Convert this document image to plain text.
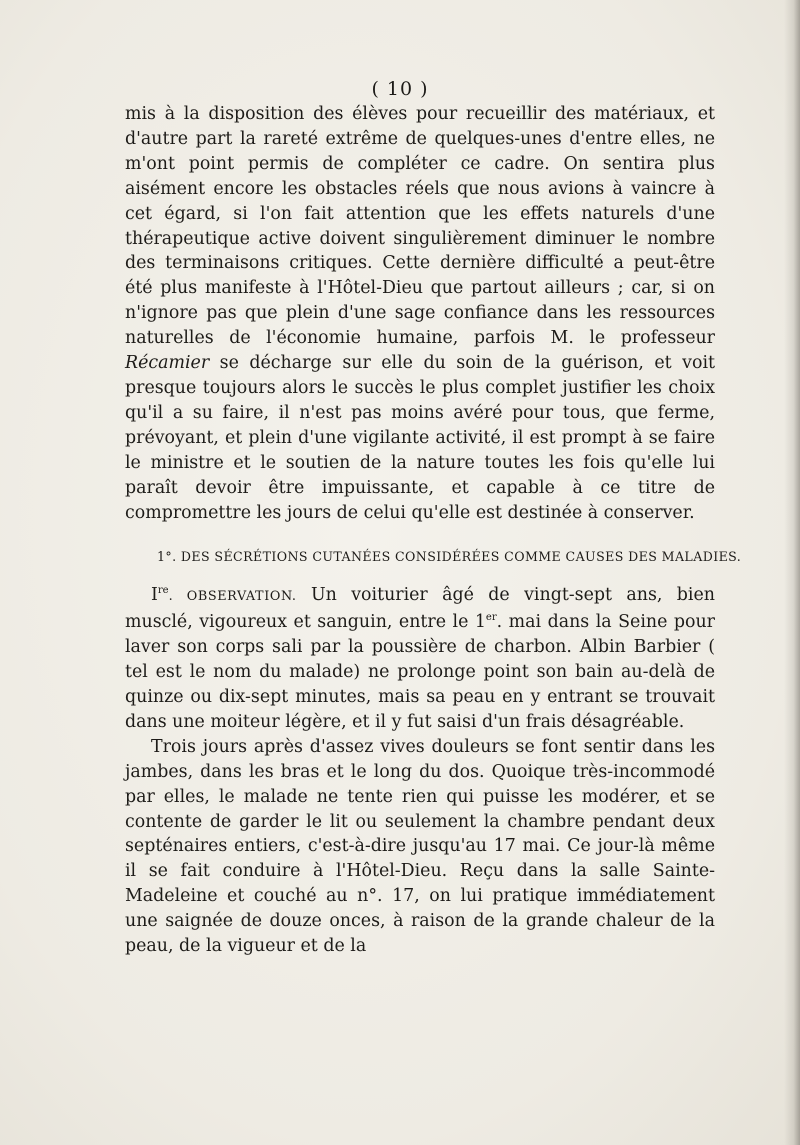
( 10 )

mis à la disposition des élèves pour recueillir des matériaux, et d'autre part la rareté extrême de quelques-unes d'entre elles, ne m'ont point permis de compléter ce cadre. On sentira plus aisément encore les obstacles réels que nous avions à vaincre à cet égard, si l'on fait attention que les effets naturels d'une thérapeutique active doivent singulièrement diminuer le nombre des terminaisons critiques. Cette dernière difficulté a peut-être été plus manifeste à l'Hôtel-Dieu que partout ailleurs ; car, si on n'ignore pas que plein d'une sage confiance dans les ressources naturelles de l'économie humaine, parfois M. le professeur Récamier se décharge sur elle du soin de la guérison, et voit presque toujours alors le succès le plus complet justifier les choix qu'il a su faire, il n'est pas moins avéré pour tous, que ferme, prévoyant, et plein d'une vigilante activité, il est prompt à se faire le ministre et le soutien de la nature toutes les fois qu'elle lui paraît devoir être impuissante, et capable à ce titre de compromettre les jours de celui qu'elle est destinée à conserver.

1°. DES SÉCRÉTIONS CUTANÉES CONSIDÉRÉES COMME CAUSES DES MALADIES.

Ire. OBSERVATION. Un voiturier âgé de vingt-sept ans, bien musclé, vigoureux et sanguin, entre le 1er. mai dans la Seine pour laver son corps sali par la poussière de charbon. Albin Barbier ( tel est le nom du malade) ne prolonge point son bain au-delà de quinze ou dix-sept minutes, mais sa peau en y entrant se trouvait dans une moiteur légère, et il y fut saisi d'un frais désagréable.

Trois jours après d'assez vives douleurs se font sentir dans les jambes, dans les bras et le long du dos. Quoique très-incommodé par elles, le malade ne tente rien qui puisse les modérer, et se contente de garder le lit ou seulement la chambre pendant deux septénaires entiers, c'est-à-dire jusqu'au 17 mai. Ce jour-là même il se fait conduire à l'Hôtel-Dieu. Reçu dans la salle Sainte-Madeleine et couché au n°. 17, on lui pratique immédiatement une saignée de douze onces, à raison de la grande chaleur de la peau, de la vigueur et de la
